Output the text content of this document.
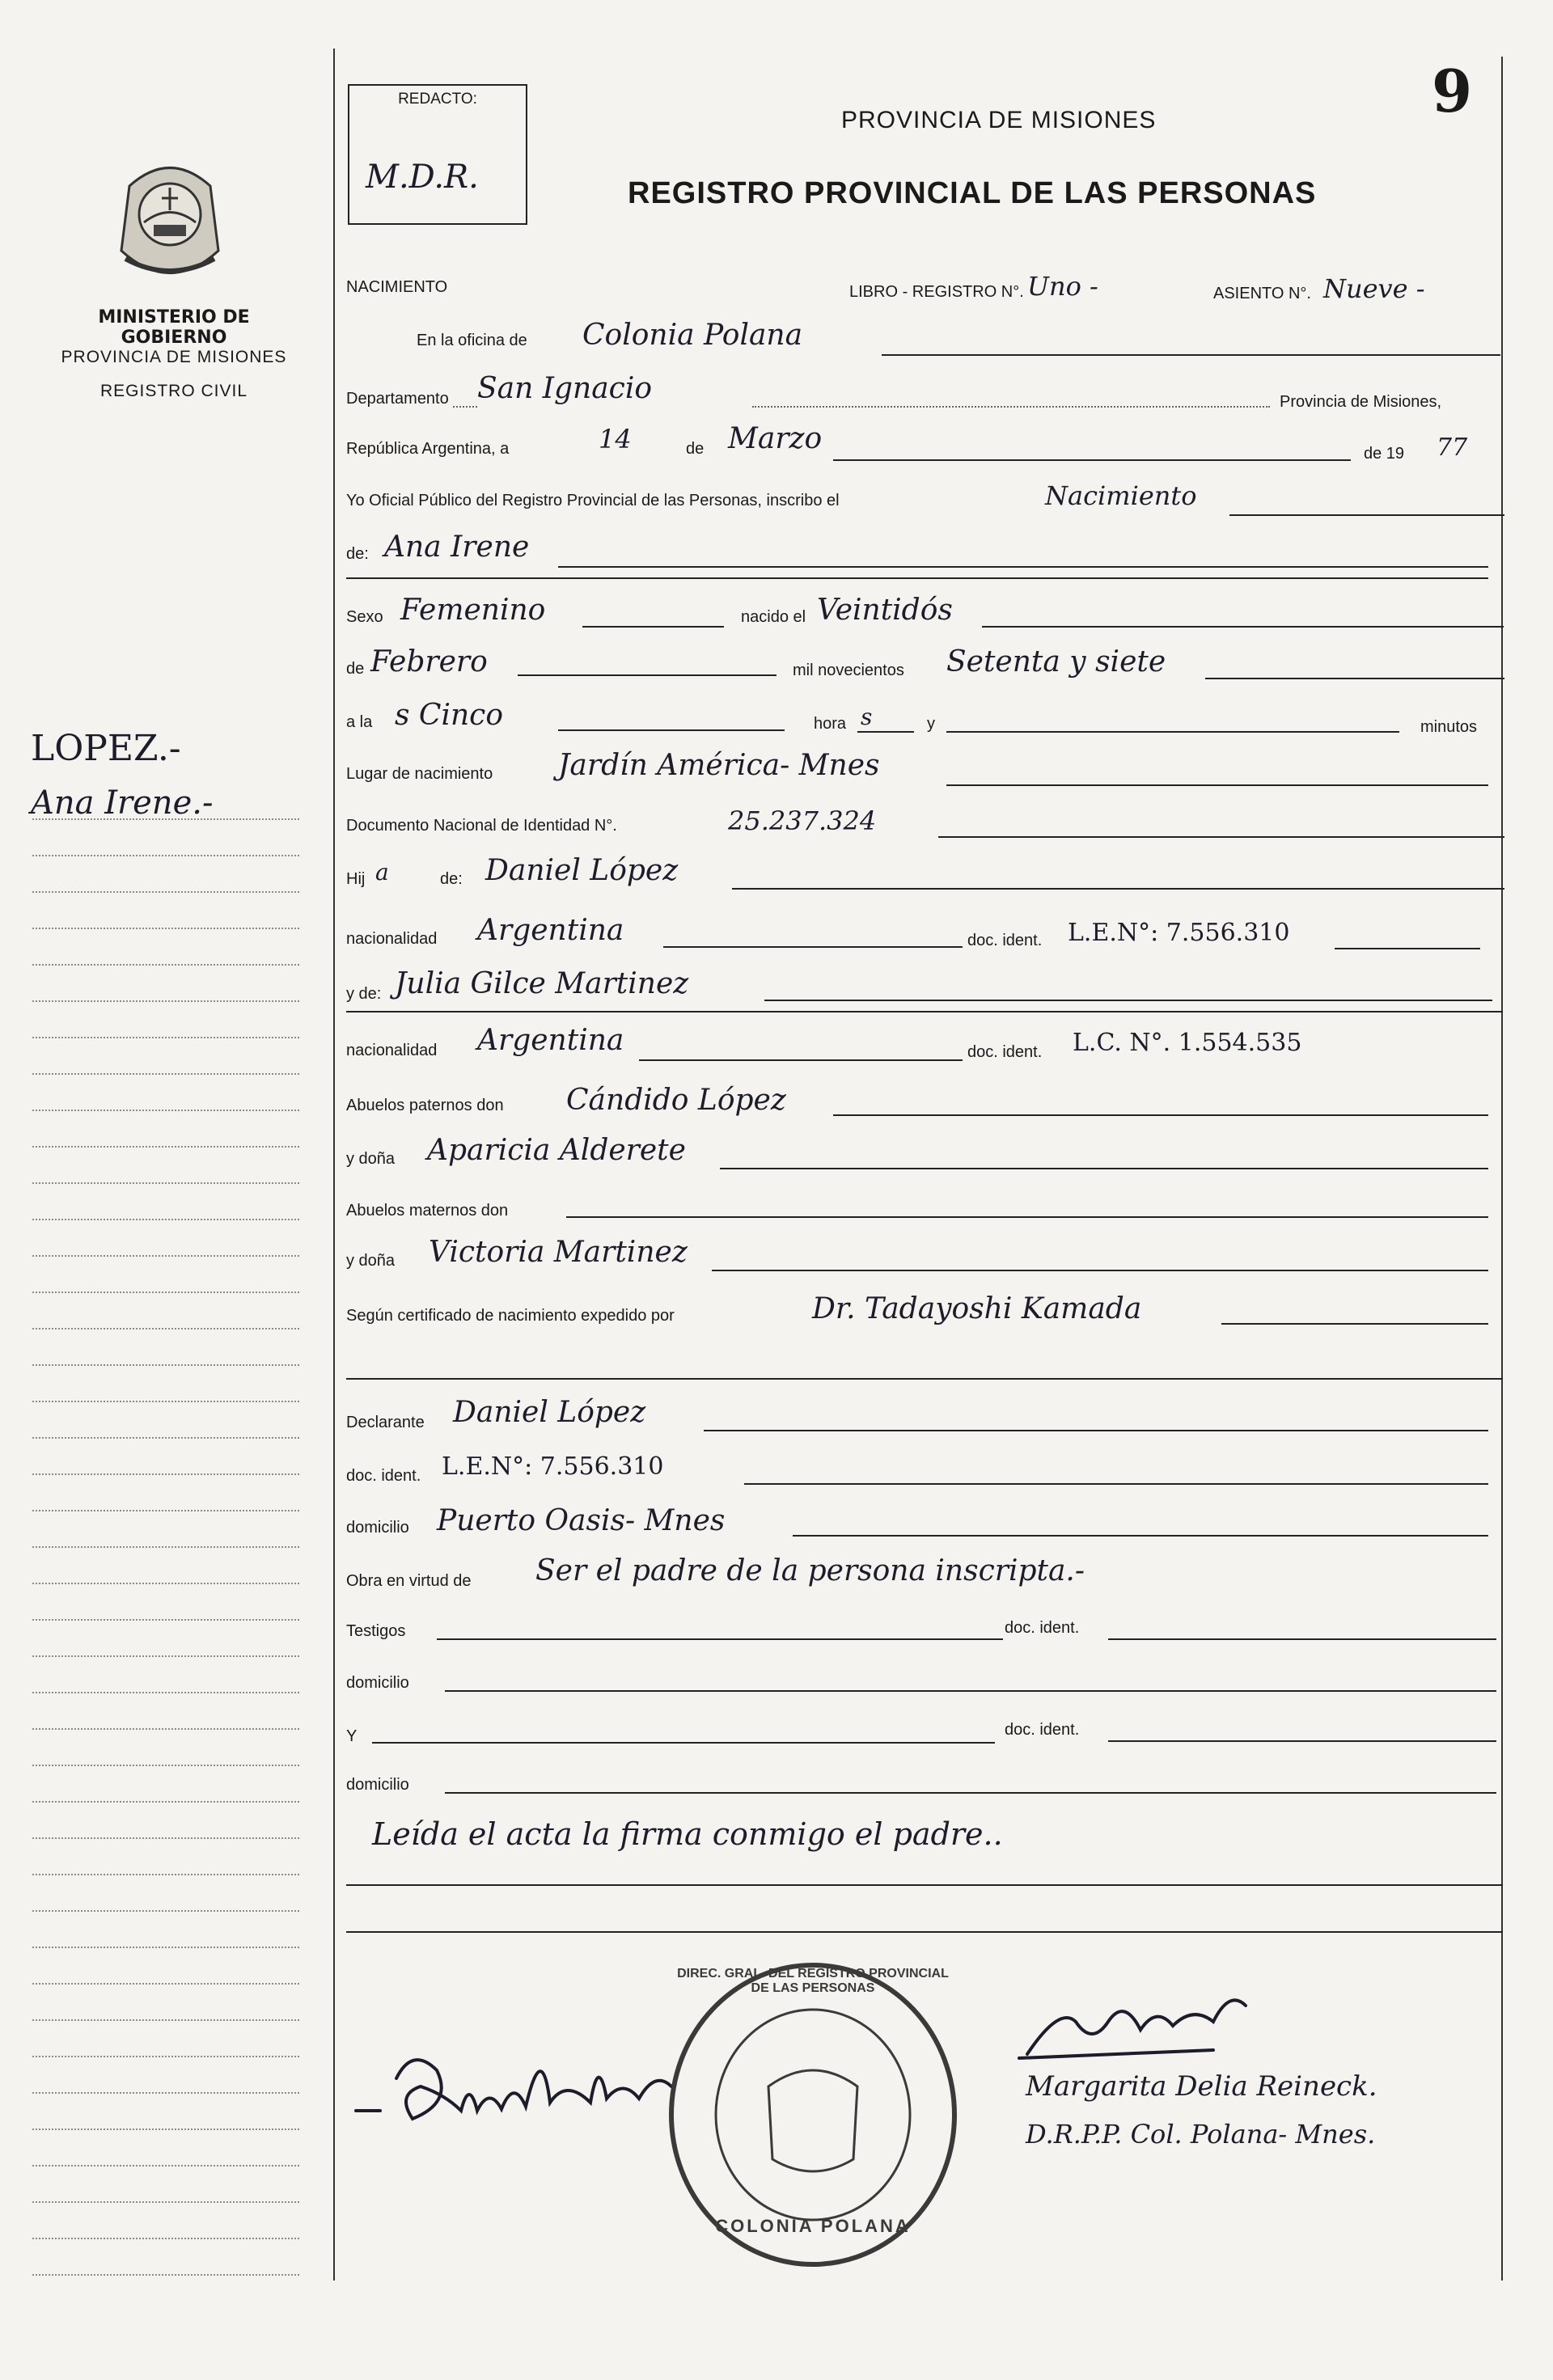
MINISTERIO DE GOBIERNO
PROVINCIA DE MISIONES
REGISTRO CIVIL
LOPEZ.-
Ana Irene.-
REDACTO:
M.D.R.
9
PROVINCIA DE MISIONES
REGISTRO PROVINCIAL DE LAS PERSONAS
NACIMIENTO	LIBRO - REGISTRO N°. Uno -	ASIENTO N°. Nueve -
En la oficina de Colonia Polana
Departamento San Ignacio	Provincia de Misiones,
República Argentina, a	14	de Marzo	de 19 77
Yo Oficial Público del Registro Provincial de las Personas, inscribo el	Nacimiento
de: Ana Irene
Sexo Femenino	nacido el Veintidós
de Febrero	mil novecientos Setenta y siete
a la s Cinco	hora s	y	minutos
Lugar de nacimiento Jardín América- Mnes
Documento Nacional de Identidad N°.	25.237.324
Hij a	de: Daniel López
nacionalidad Argentina	doc. ident. L.E.N°: 7.556.310
y de: Julia Gilce Martinez
nacionalidad Argentina	doc. ident. L.C. N°. 1.554.535
Abuelos paternos don Cándido López
y doña Aparicia Alderete
Abuelos maternos don
y doña Victoria Martinez
Según certificado de nacimiento expedido por	Dr. Tadayoshi Kamada
Declarante Daniel López
doc. ident. L.E.N°: 7.556.310
domicilio Puerto Oasis- Mnes
Obra en virtud de Ser el padre de la persona inscripta.-
Testigos	doc. ident.
domicilio
Y	doc. ident.
domicilio
Leída el acta la firma conmigo el padre..
DIREC. GRAL. DEL REGISTRO PROVINCIAL DE LAS PERSONAS
COLONIA POLANA
Margarita Delia Reineck.
D.R.P.P. Col. Polana- Mnes.
